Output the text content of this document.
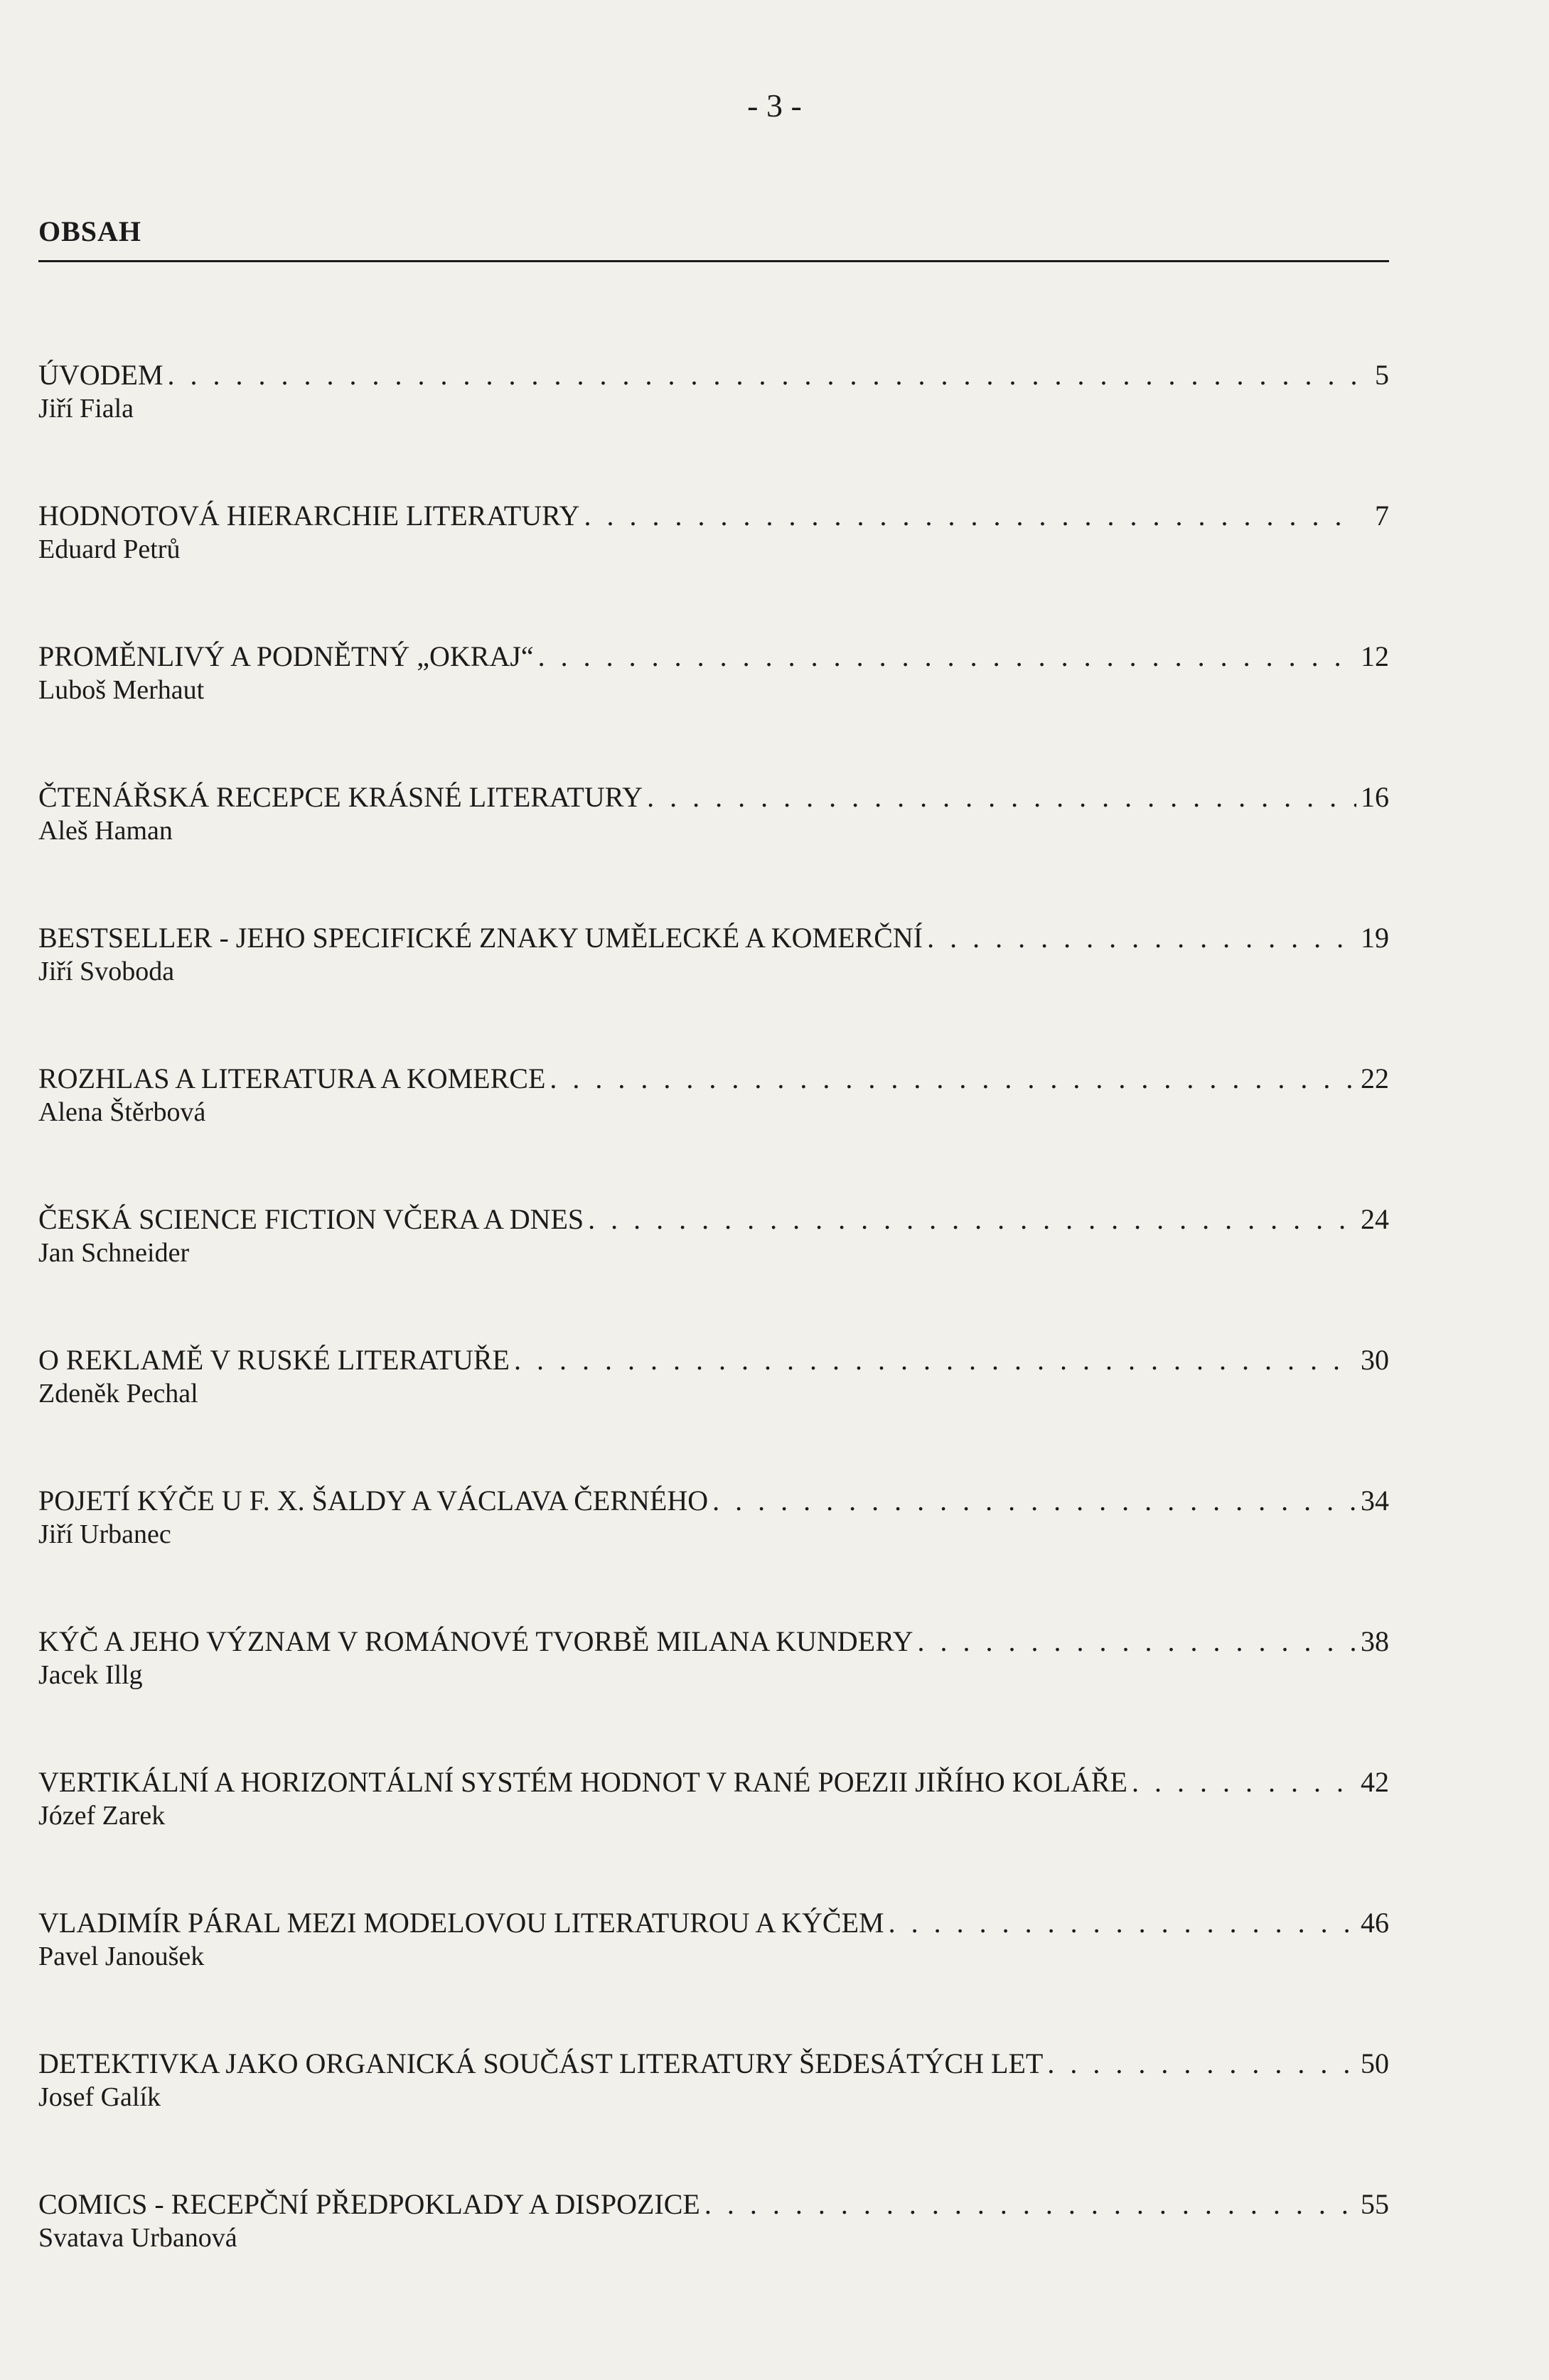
- 3 -
OBSAH
ÚVODEM . . .	5
Jiří Fiala
HODNOTOVÁ HIERARCHIE LITERATURY . . .	7
Eduard Petrů
PROMĚNLIVÝ A PODNĚTNÝ „OKRAJ“ . . .	12
Luboš Merhaut
ČTENÁŘSKÁ RECEPCE KRÁSNÉ LITERATURY . . .	16
Aleš Haman
BESTSELLER - JEHO SPECIFICKÉ ZNAKY UMĚLECKÉ A KOMERČNÍ . . .	19
Jiří Svoboda
ROZHLAS A LITERATURA A KOMERCE . . .	22
Alena Štěrbová
ČESKÁ SCIENCE FICTION VČERA A DNES . . .	24
Jan Schneider
O REKLAMĚ V RUSKÉ LITERATUŘE . . .	30
Zdeněk Pechal
POJETÍ KÝČE U F. X. ŠALDY A VÁCLAVA ČERNÉHO . . .	34
Jiří Urbanec
KÝČ A JEHO VÝZNAM V ROMÁNOVÉ TVORBĚ MILANA KUNDERY . . .	38
Jacek Illg
VERTIKÁLNÍ A HORIZONTÁLNÍ SYSTÉM HODNOT V RANÉ POEZII JIŘÍHO KOLÁŘE . . .	42
Józef Zarek
VLADIMÍR PÁRAL MEZI MODELOVOU LITERATUROU A KÝČEM . . .	46
Pavel Janoušek
DETEKTIVKA JAKO ORGANICKÁ SOUČÁST LITERATURY ŠEDESÁTÝCH LET . . .	50
Josef Galík
COMICS - RECEPČNÍ PŘEDPOKLADY A DISPOZICE . . .	55
Svatava Urbanová
